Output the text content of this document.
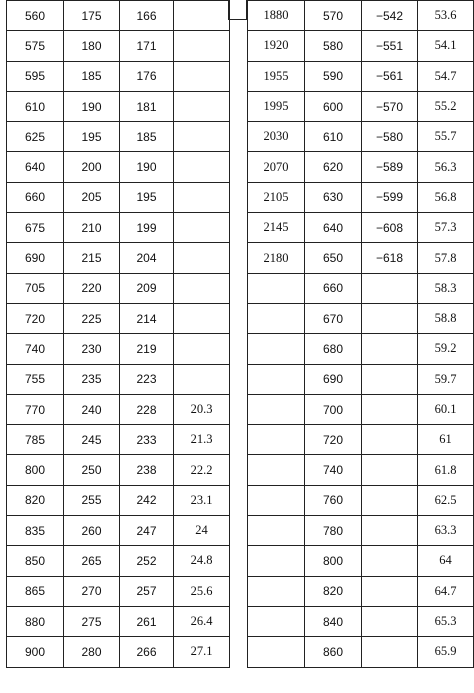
560	175	166	
575	180	171	
595	185	176	
610	190	181	
625	195	185	
640	200	190	
660	205	195	
675	210	199	
690	215	204	
705	220	209	
720	225	214	
740	230	219	
755	235	223	
770	240	228	20.3
785	245	233	21.3
800	250	238	22.2
820	255	242	23.1
835	260	247	24
850	265	252	24.8
865	270	257	25.6
880	275	261	26.4
900	280	266	27.1
1880	570	−542	53.6
1920	580	−551	54.1
1955	590	−561	54.7
1995	600	−570	55.2
2030	610	−580	55.7
2070	620	−589	56.3
2105	630	−599	56.8
2145	640	−608	57.3
2180	650	−618	57.8
	660		58.3
	670		58.8
	680		59.2
	690		59.7
	700		60.1
	720		61
	740		61.8
	760		62.5
	780		63.3
	800		64
	820		64.7
	840		65.3
	860		65.9
